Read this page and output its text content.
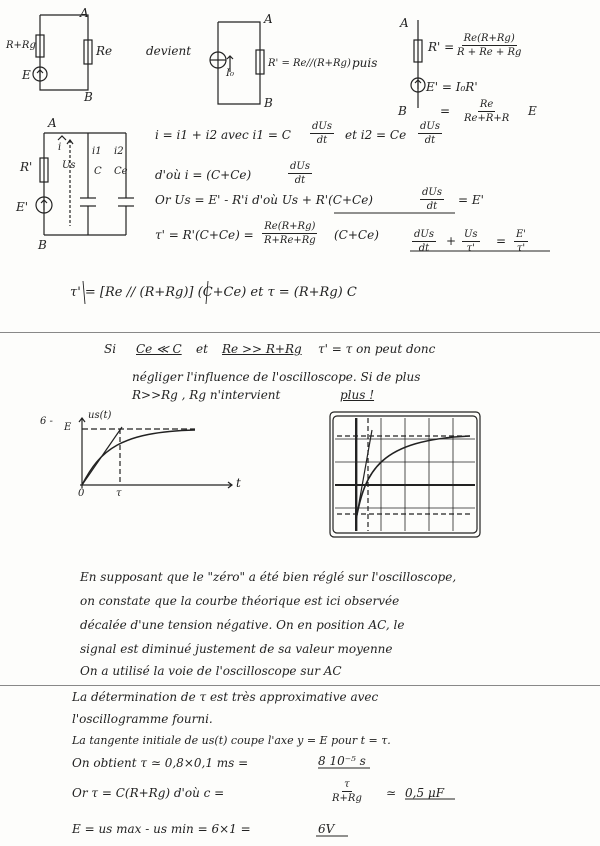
A
B
R+Rg	Re
E
devient
A
B
I₀
R' = Re//(R+Rg) puis
A
B
$R' = \frac{Re(R+Rg)}{R + Re + Rg}$
E' = I₀R'
= $\frac{Re}{Re+R+R}$ E
A
B
i	i1 i2
R'
E'
Us
C Ce
i = i1 + i2 avec i1 = C
dUs
dt et i2 = Ce
dUs
dt
d'où i = (C+Ce)
dUs
dt
Or Us = E' - R'i d'où Us + R'(C+Ce)
dUs
dt = E'
$\tau' = R'(C+Ce) = \frac{Re(R+Rg)}{R+Re+Rg} (C+Ce)$	dUs
dt
+ $\frac{Us}{\tau'} = \frac{E'}{\tau'}$
τ' = [Re // (R+Rg)] (C+Ce) et τ = (R+Rg) C
Si Ce ≪ C et Re >> R+Rg τ' = τ on peut donc
négliger l'influence de l'oscilloscope. Si de plus
R>>Rg , Rg n'intervient	plus !
us(t)
6 -
E
0	τ
t
En supposant que le "zéro" a été bien réglé sur l'oscilloscope,
on constate que la courbe théorique est ici observée
décalée d'une tension négative. On en position AC, le
signal est diminué justement de sa valeur moyenne
On a utilisé la voie de l'oscilloscope sur AC
La détermination de τ est très approximative avec
l'oscillogramme fourni.
La tangente initiale de us(t) coupe l'axe y = E pour t = τ.
On obtient τ ≃ 0,8×0,1 ms =	8 10⁻⁵ s
Or τ = C(R+Rg) d'où c =	$\frac{\tau}{R+Rg}$ ≃ 0,5 μF
E = us max - us min = 6×1 =	6V
